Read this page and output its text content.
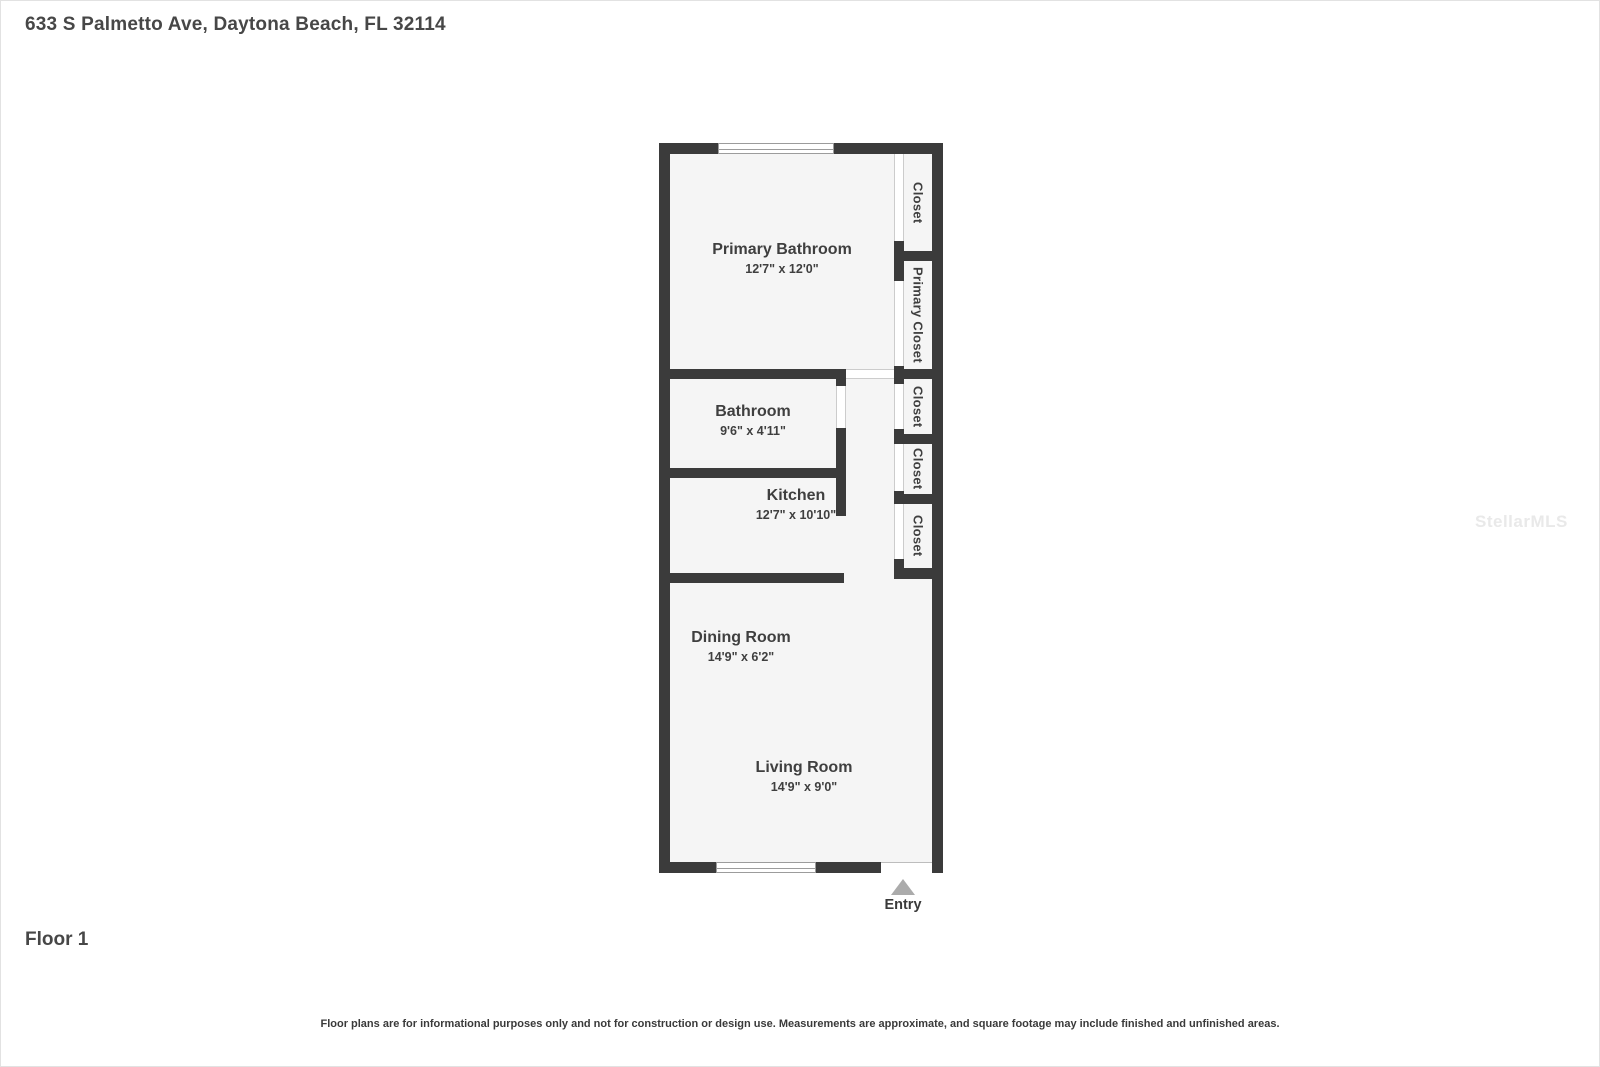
633 S Palmetto Ave, Daytona Beach, FL 32114
Primary Bathroom
12'7" x 12'0"
Bathroom
9'6" x 4'11"
Kitchen
12'7" x 10'10"
Dining Room
14'9" x 6'2"
Living Room
14'9" x 9'0"
Closet
Primary Closet
Closet
Closet
Closet
Entry
Floor 1
StellarMLS
Floor plans are for informational purposes only and not for construction or design use. Measurements are approximate, and square footage may include finished and unfinished areas.
